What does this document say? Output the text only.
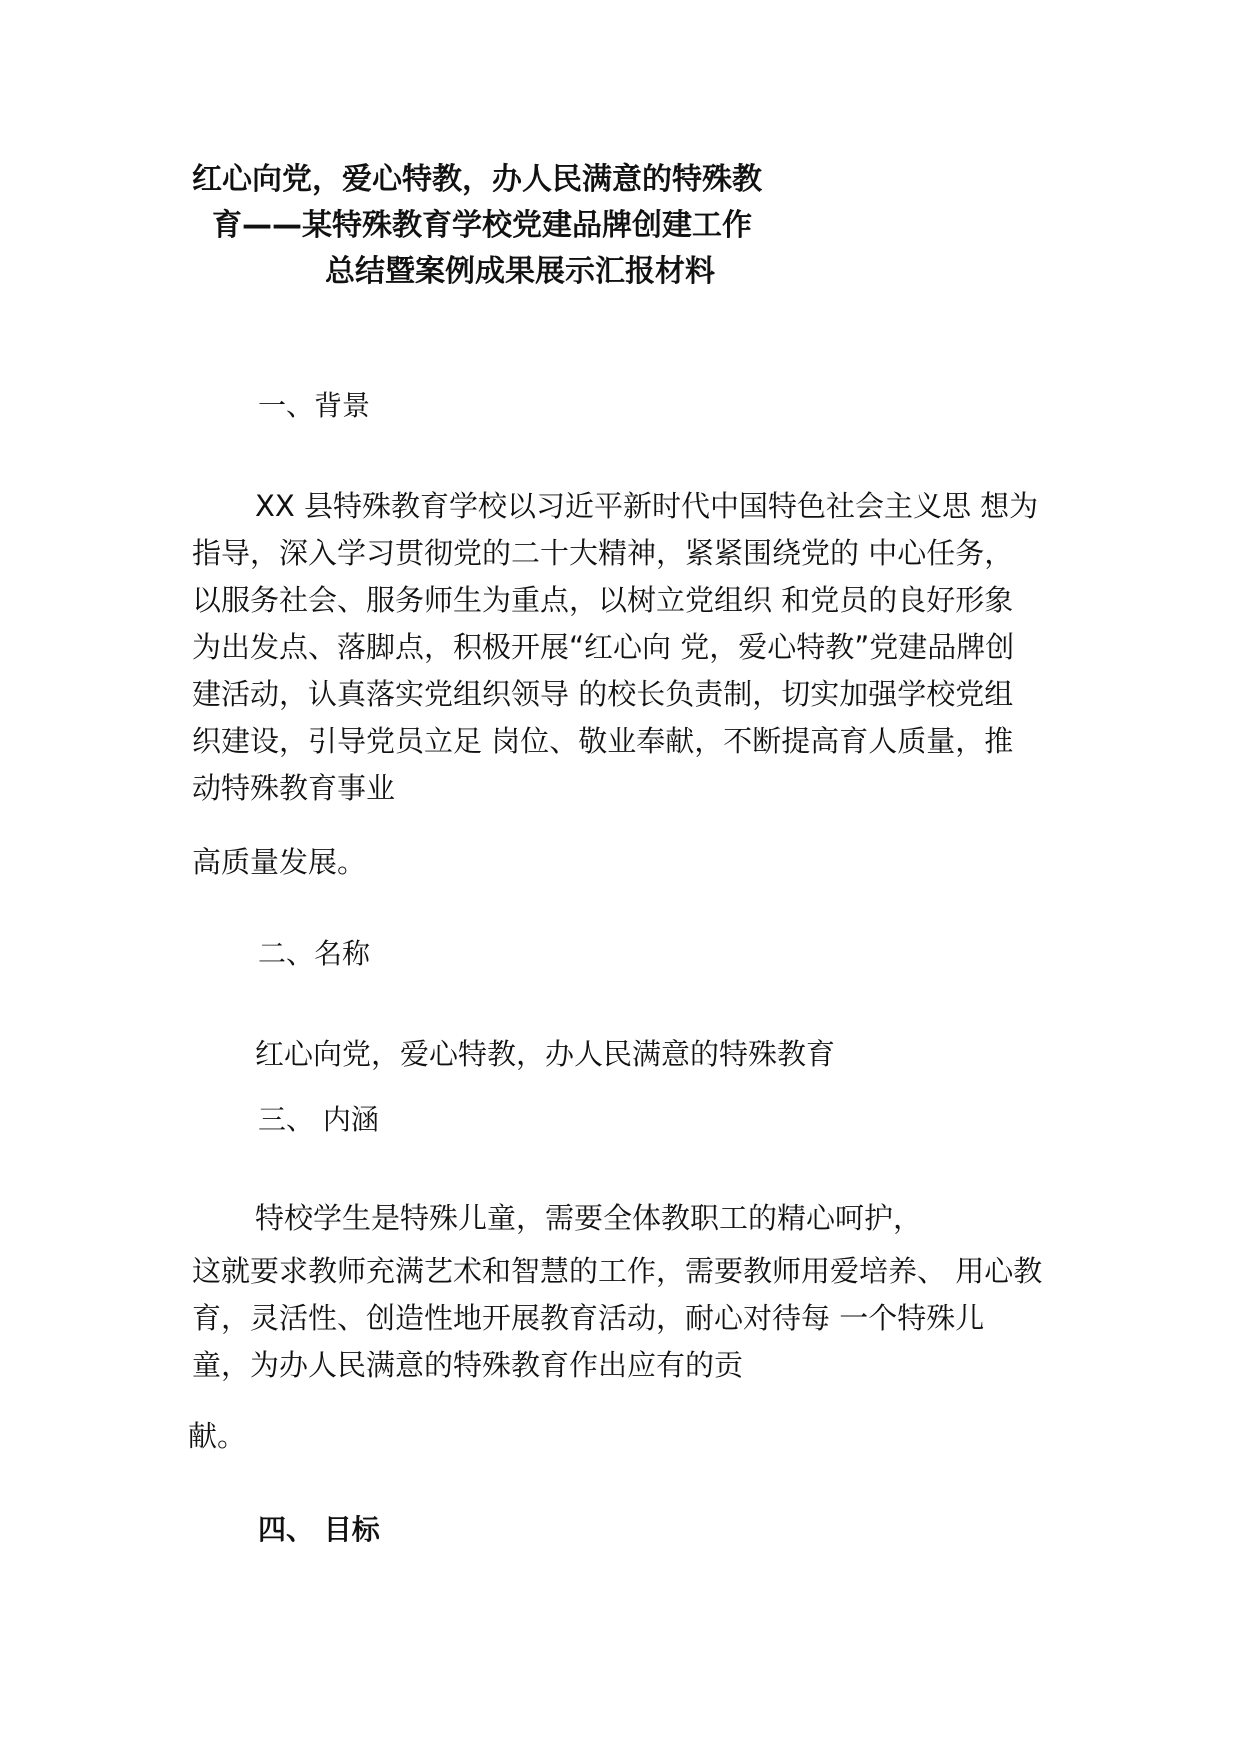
红心向党，爱心特教，办人民满意的特殊教
育——某特殊教育学校党建品牌创建工作
总结暨案例成果展示汇报材料
一、背景
XX 县特殊教育学校以习近平新时代中国特色社会主义思 想为
指导，深入学习贯彻党的二十大精神，紧紧围绕党的 中心任务，
以服务社会、服务师生为重点，以树立党组织 和党员的良好形象
为出发点、落脚点，积极开展“红心向 党，爱心特教”党建品牌创
建活动，认真落实党组织领导 的校长负责制，切实加强学校党组
织建设，引导党员立足 岗位、敬业奉献，不断提高育人质量，推
动特殊教育事业
高质量发展。
二、名称
红心向党，爱心特教，办人民满意的特殊教育
三、 内涵
特校学生是特殊儿童，需要全体教职工的精心呵护，
这就要求教师充满艺术和智慧的工作，需要教师用爱培养、 用心教
育，灵活性、创造性地开展教育活动，耐心对待每 一个特殊儿
童，为办人民满意的特殊教育作出应有的贡
献。
四、 目标
